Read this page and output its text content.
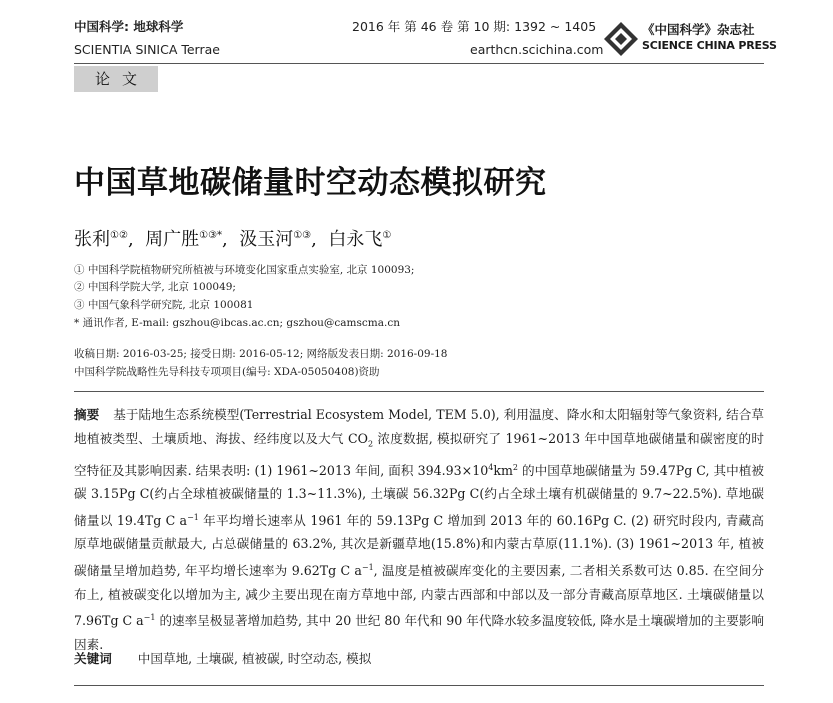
中国科学: 地球科学
SCIENTIA SINICA Terrae
2016 年 第 46 卷 第 10 期: 1392 ~ 1405
earthcn.scichina.com
《中国科学》杂志社
SCIENCE CHINA PRESS
论文
中国草地碳储量时空动态模拟研究
张利①②,  周广胜①③*,  汲玉河①③,  白永飞①
① 中国科学院植物研究所植被与环境变化国家重点实验室, 北京 100093;
② 中国科学院大学, 北京 100049;
③ 中国气象科学研究院, 北京 100081
* 通讯作者, E-mail: gszhou@ibcas.ac.cn; gszhou@camscma.cn
收稿日期: 2016-03-25; 接受日期: 2016-05-12; 网络版发表日期: 2016-09-18
中国科学院战略性先导科技专项项目(编号: XDA-05050408)资助

摘要 基于陆地生态系统模型(Terrestrial Ecosystem Model, TEM 5.0), 利用温度、降水和太阳辐射等气象资料, 结合草地植被类型、土壤质地、海拔、经纬度以及大气 $CO_2$ 浓度数据, 模拟研究了 1961~2013 年中国草地碳储量和碳密度的时空特征及其影响因素. 结果表明: (1) 1961~2013 年间, 面积 $394.93\times 10^4km^2$ 的中国草地碳储量为 59.47Pg C, 其中植被碳 3.15Pg C(约占全球植被碳储量的 1.3~11.3%), 土壤碳 56.32Pg C(约占全球土壤有机碳储量的 9.7~22.5%). 草地碳储量以 19.4Tg C $a^{-1}$ 年平均增长速率从 1961 年的 59.13Pg C 增加到 2013 年的 60.16Pg C. (2) 研究时段内, 青藏高原草地碳储量贡献最大, 占总碳储量的 63.2%, 其次是新疆草地(15.8%)和内蒙古草原(11.1%). (3) 1961~2013 年, 植被碳储量呈增加趋势, 年平均增长速率为 9.62Tg C $a^{-1}$, 温度是植被碳库变化的主要因素, 二者相关系数可达 0.85. 在空间分布上, 植被碳变化以增加为主, 减少主要出现在南方草地中部, 内蒙古西部和中部以及一部分青藏高原草地区. 土壤碳储量以 7.96Tg C $a^{-1}$ 的速率呈极显著增加趋势, 其中 20 世纪 80 年代和 90 年代降水较多温度较低, 降水是土壤碳增加的主要影响因素.

关键词 中国草地, 土壤碳, 植被碳, 时空动态, 模拟
